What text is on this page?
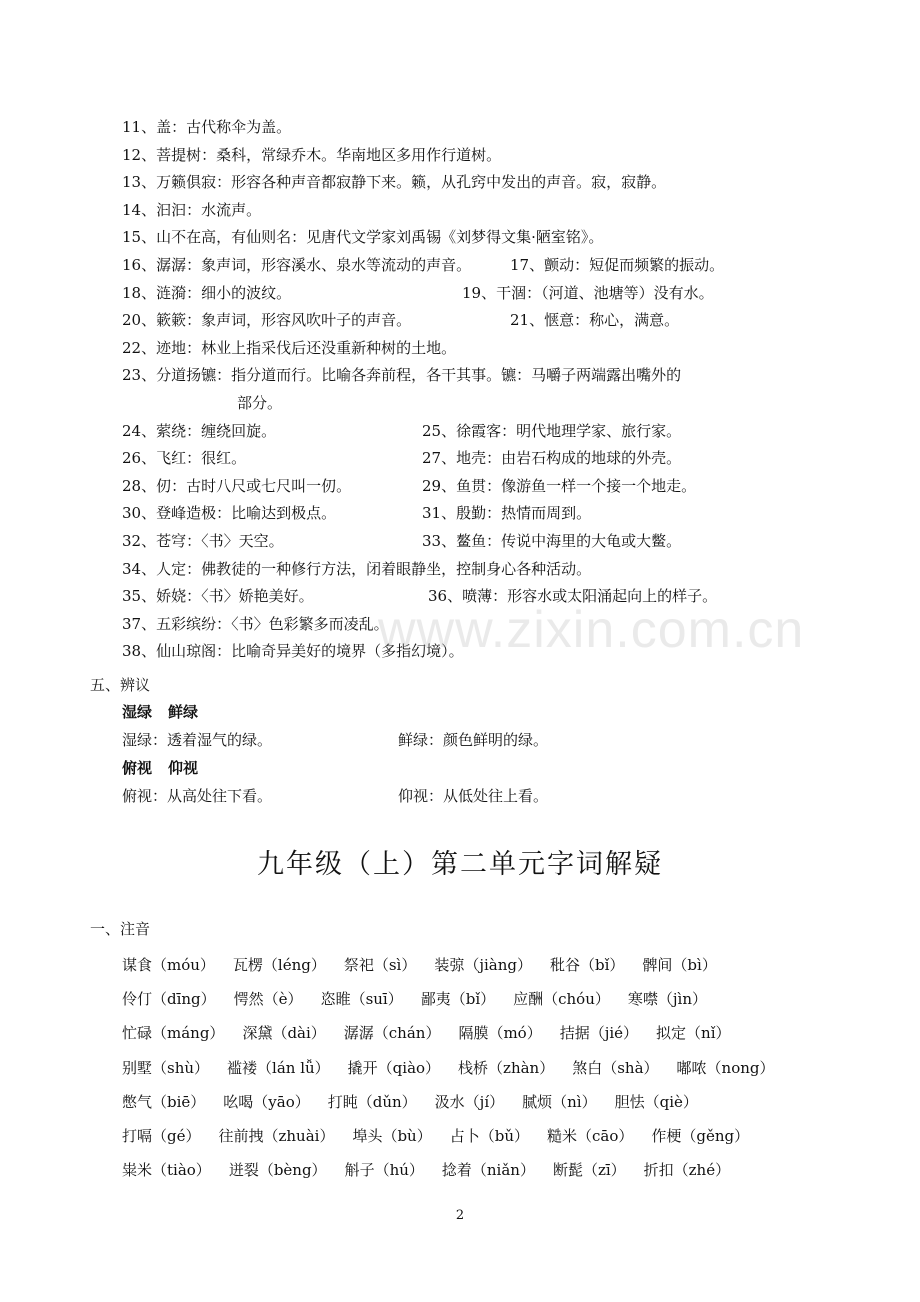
11、盖：古代称伞为盖。
12、菩提树：桑科，常绿乔木。华南地区多用作行道树。
13、万籁俱寂：形容各种声音都寂静下来。籁，从孔窍中发出的声音。寂，寂静。
14、汩汩：水流声。
15、山不在高，有仙则名：见唐代文学家刘禹锡《刘梦得文集·陋室铭》。
16、潺潺：象声词，形容溪水、泉水等流动的声音。	17、颤动：短促而频繁的振动。
18、涟漪：细小的波纹。	19、干涸：（河道、池塘等）没有水。
20、簌簌：象声词，形容风吹叶子的声音。	21、惬意：称心，满意。
22、迹地：林业上指采伐后还没重新种树的土地。
23、分道扬镳：指分道而行。比喻各奔前程，各干其事。镳：马嚼子两端露出嘴外的
部分。
24、萦绕：缠绕回旋。	25、徐霞客：明代地理学家、旅行家。
26、飞红：很红。	27、地壳：由岩石构成的地球的外壳。
28、仞：古时八尺或七尺叫一仞。	29、鱼贯：像游鱼一样一个接一个地走。
30、登峰造极：比喻达到极点。	31、殷勤：热情而周到。
32、苍穹：〈书〉天空。	33、鳌鱼：传说中海里的大龟或大鳖。
34、人定：佛教徒的一种修行方法，闭着眼静坐，控制身心各种活动。
35、娇娆：〈书〉娇艳美好。	36、喷薄：形容水或太阳涌起向上的样子。
37、五彩缤纷：〈书〉色彩繁多而凌乱。
38、仙山琼阁：比喻奇异美好的境界（多指幻境）。
五、辨议
湿绿 鲜绿
湿绿：透着湿气的绿。	鲜绿：颜色鲜明的绿。
俯视 仰视
俯视：从高处往下看。	仰视：从低处往上看。
九年级（上）第二单元字词解疑
一、注音
谋食（móu） 瓦楞（léng） 祭祀（sì） 装弶（jiàng） 秕谷（bǐ） 髀间（bì）
伶仃（dīng） 愕然（è） 恣睢（suī） 鄙夷（bǐ） 应酬（chóu） 寒噤（jìn）
忙碌（máng） 深黛（dài） 潺潺（chán） 隔膜（mó） 拮据（jié） 拟定（nǐ）
别墅（shù） 褴褛（lán lǚ） 撬开（qiào） 栈桥（zhàn） 煞白（shà） 嘟哝（nong）
憋气（biē） 吆喝（yāo） 打盹（dǔn） 汲水（jí） 腻烦（nì） 胆怯（qiè）
打嗝（gé） 往前拽（zhuài） 埠头（bù） 占卜（bǔ） 糙米（cāo） 作梗（gěng）
粜米（tiào） 迸裂（bèng） 斛子（hú） 捻着（niǎn） 断髭（zī） 折扣（zhé）
www.zixin.com.cn
2
